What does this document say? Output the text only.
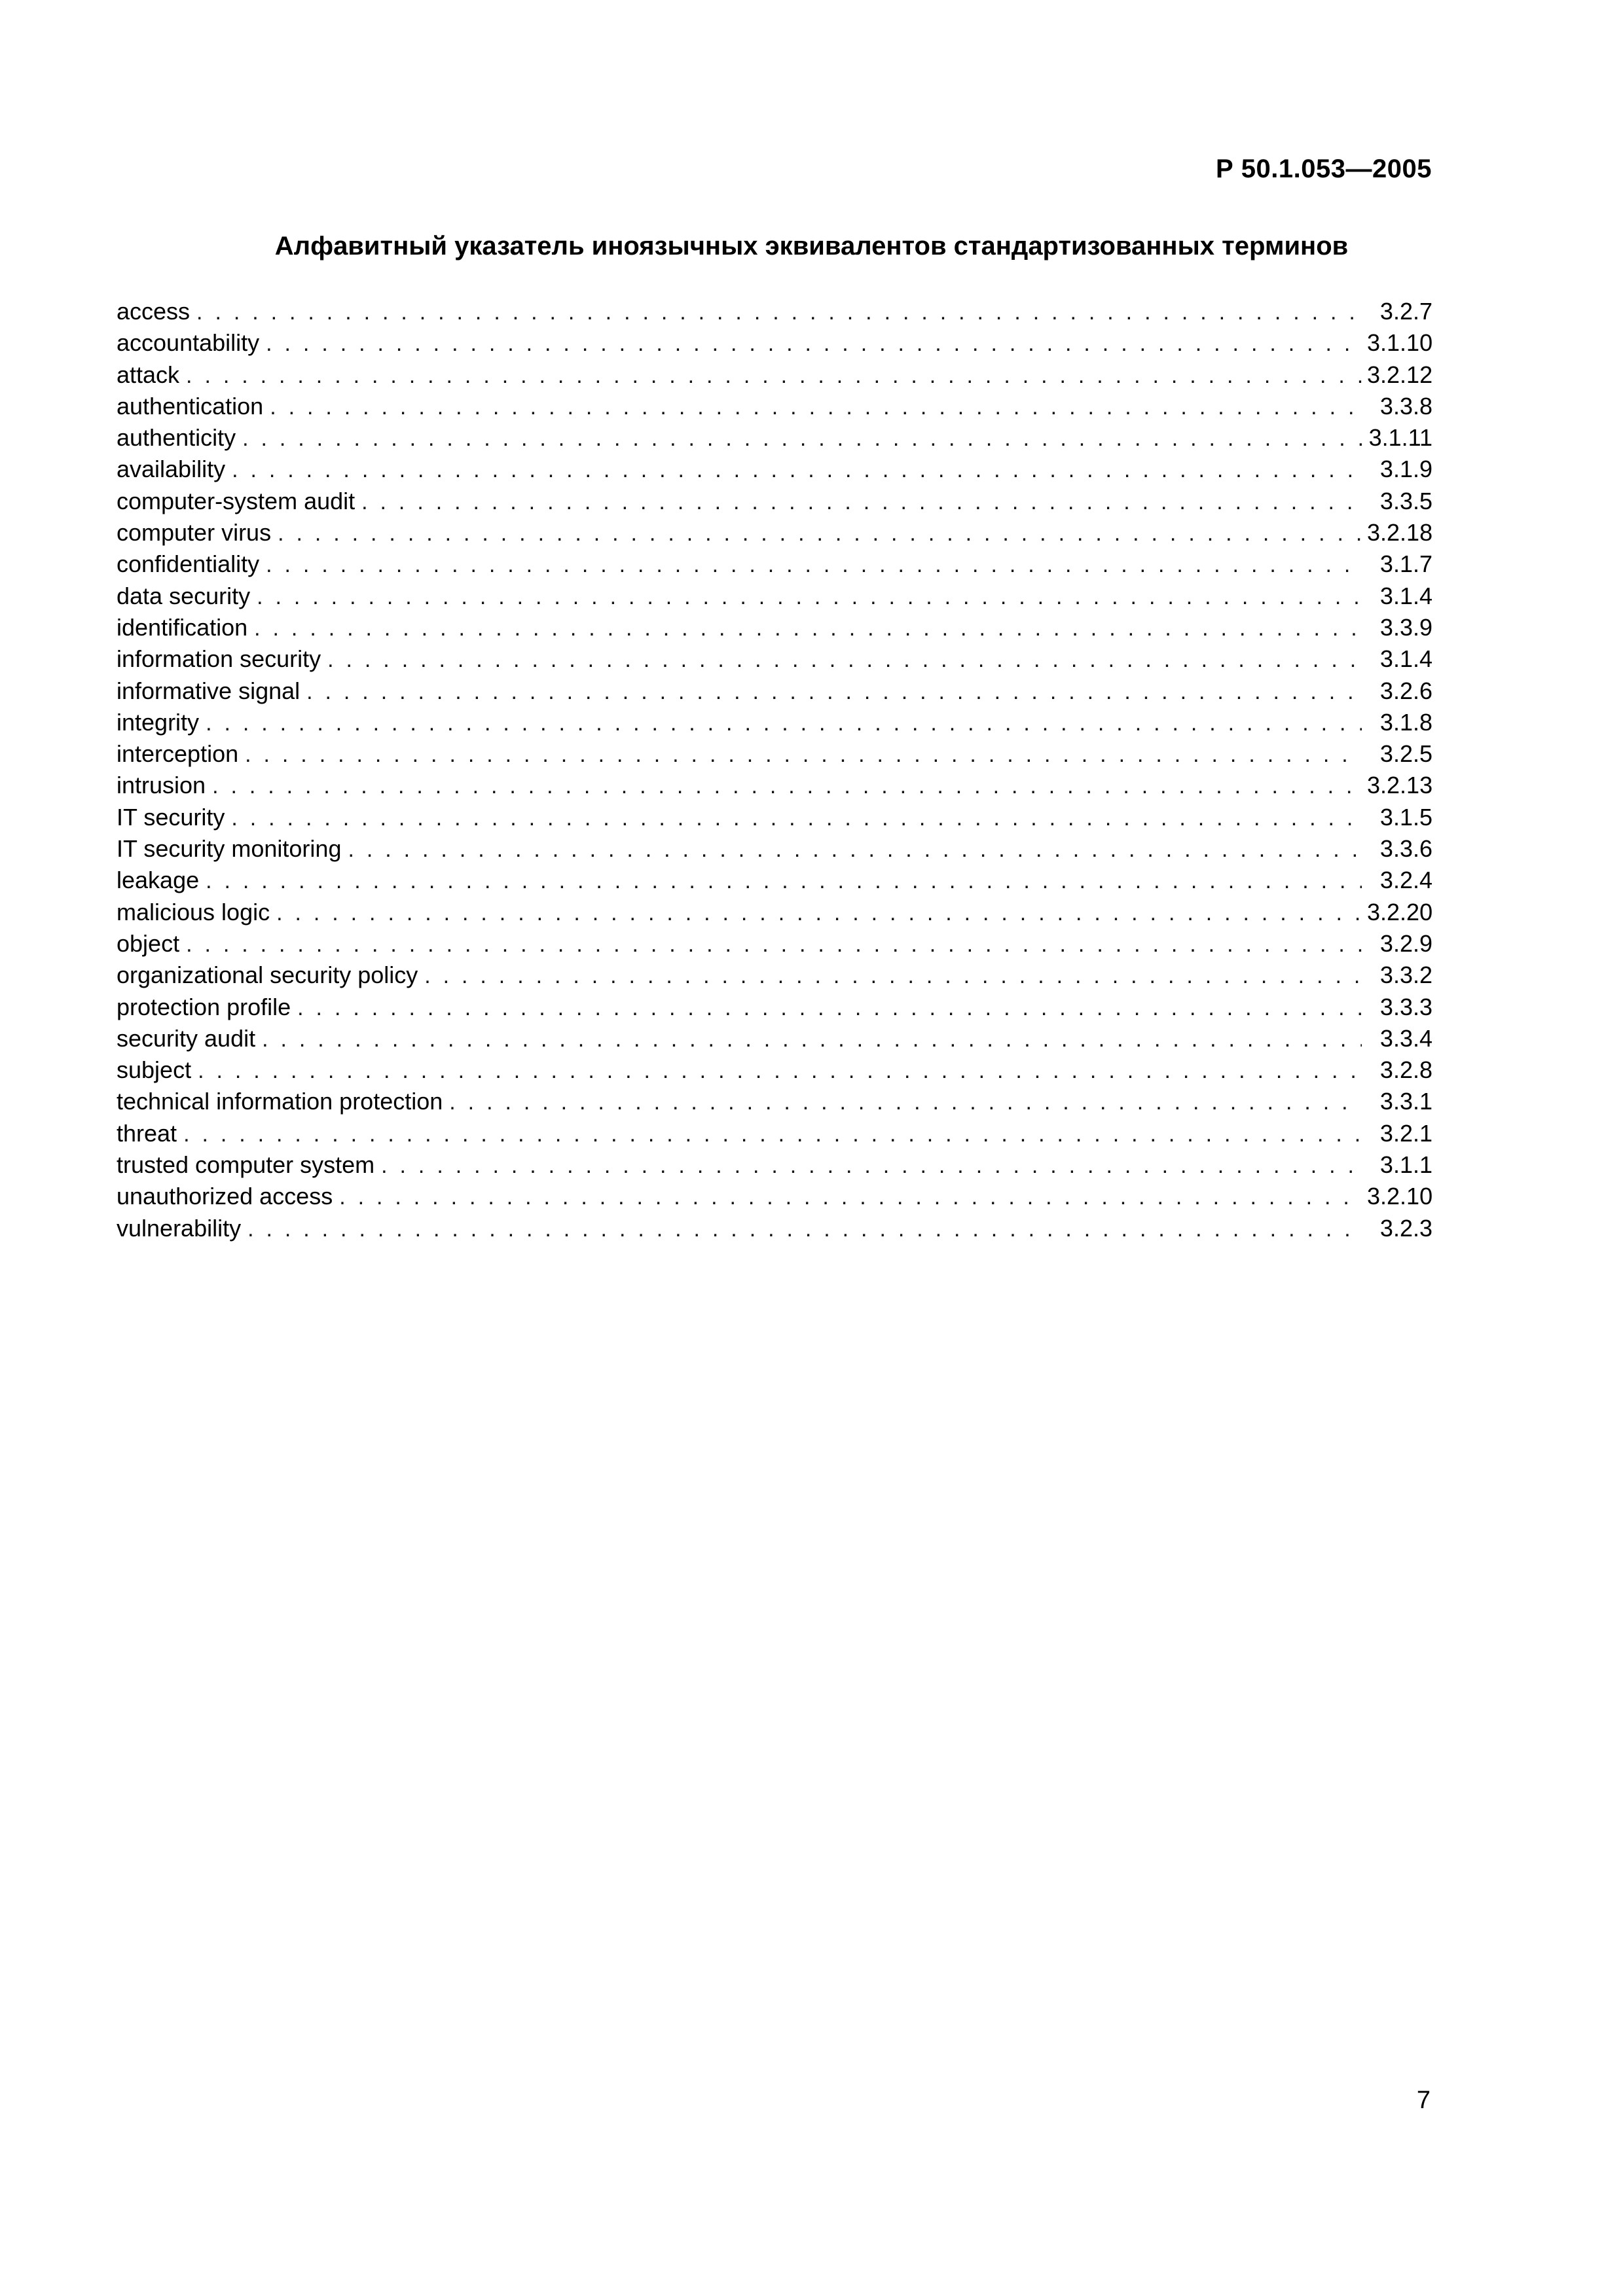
Р 50.1.053—2005
Алфавитный указатель иноязычных эквивалентов стандартизованных терминов
access . . .	3.2.7
accountability . . .	3.1.10
attack . . .	3.2.12
authentication . . .	3.3.8
authenticity . . .	3.1.11
availability . . .	3.1.9
computer-system audit . . .	3.3.5
computer virus . . .	3.2.18
confidentiality . . .	3.1.7
data security . . .	3.1.4
identification . . .	3.3.9
information security . . .	3.1.4
informative signal . . .	3.2.6
integrity . . .	3.1.8
interception . . .	3.2.5
intrusion . . .	3.2.13
IT security . . .	3.1.5
IT security monitoring . . .	3.3.6
leakage . . .	3.2.4
malicious logic . . .	3.2.20
object . . .	3.2.9
organizational security policy . . .	3.3.2
protection profile . . .	3.3.3
security audit . . .	3.3.4
subject . . .	3.2.8
technical information protection . . .	3.3.1
threat . . .	3.2.1
trusted computer system . . .	3.1.1
unauthorized access . . .	3.2.10
vulnerability . . .	3.2.3
7
